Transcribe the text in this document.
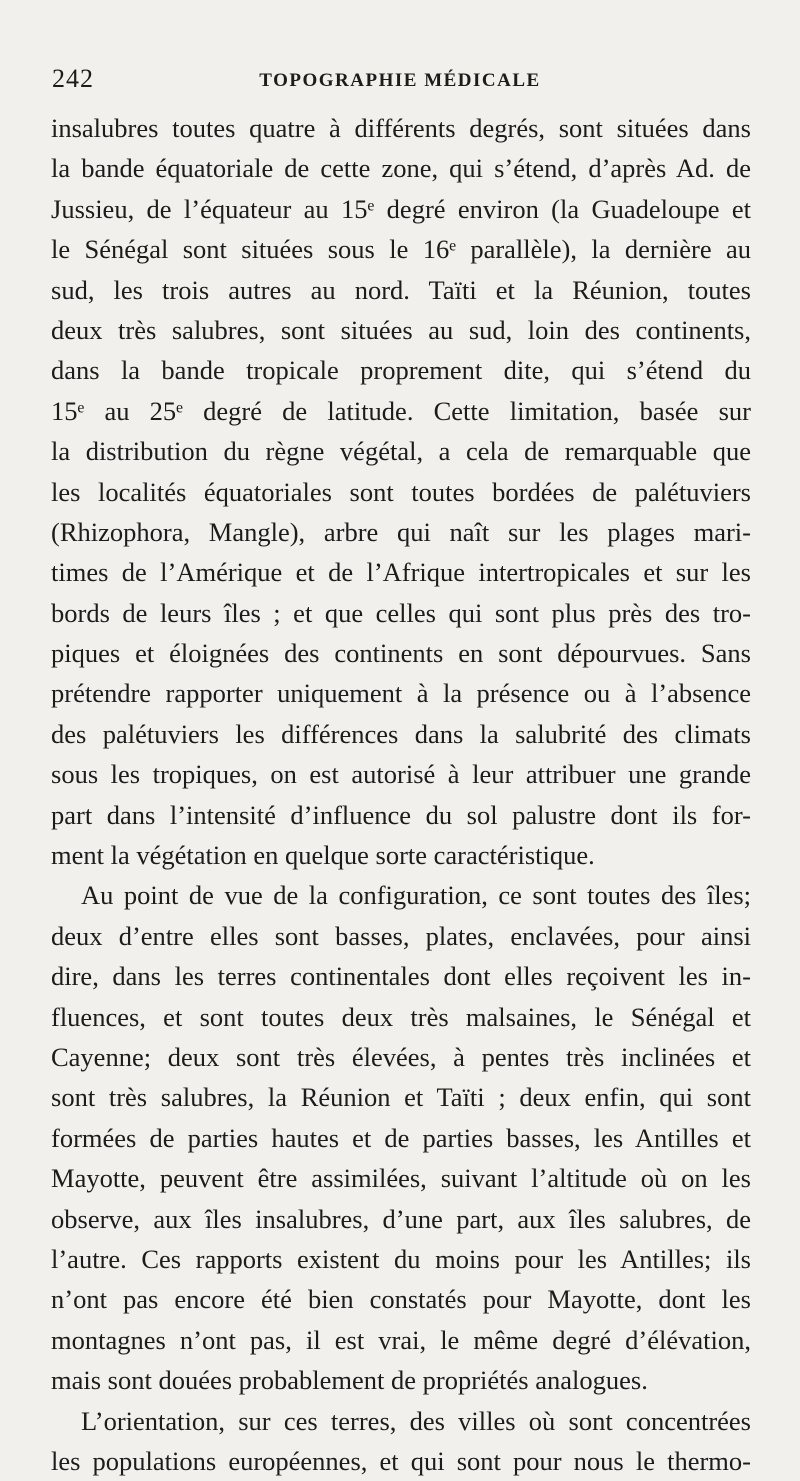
242	TOPOGRAPHIE MÉDICALE
insalubres toutes quatre à différents degrés, sont situées dans
la bande équatoriale de cette zone, qui s’étend, d’après Ad. de
Jussieu, de l’équateur au 15ᵉ degré environ (la Guadeloupe et
le Sénégal sont situées sous le 16ᵉ parallèle), la dernière au
sud, les trois autres au nord. Taïti et la Réunion, toutes
deux très salubres, sont situées au sud, loin des continents,
dans la bande tropicale proprement dite, qui s’étend du
15ᵉ au 25ᵉ degré de latitude. Cette limitation, basée sur
la distribution du règne végétal, a cela de remarquable que
les localités équatoriales sont toutes bordées de palétuviers
(Rhizophora, Mangle), arbre qui naît sur les plages mari-
times de l’Amérique et de l’Afrique intertropicales et sur les
bords de leurs îles ; et que celles qui sont plus près des tro-
piques et éloignées des continents en sont dépourvues. Sans
prétendre rapporter uniquement à la présence ou à l’absence
des palétuviers les différences dans la salubrité des climats
sous les tropiques, on est autorisé à leur attribuer une grande
part dans l’intensité d’influence du sol palustre dont ils for-
ment la végétation en quelque sorte caractéristique.
Au point de vue de la configuration, ce sont toutes des îles;
deux d’entre elles sont basses, plates, enclavées, pour ainsi
dire, dans les terres continentales dont elles reçoivent les in-
fluences, et sont toutes deux très malsaines, le Sénégal et
Cayenne; deux sont très élevées, à pentes très inclinées et
sont très salubres, la Réunion et Taïti ; deux enfin, qui sont
formées de parties hautes et de parties basses, les Antilles et
Mayotte, peuvent être assimilées, suivant l’altitude où on les
observe, aux îles insalubres, d’une part, aux îles salubres, de
l’autre. Ces rapports existent du moins pour les Antilles; ils
n’ont pas encore été bien constatés pour Mayotte, dont les
montagnes n’ont pas, il est vrai, le même degré d’élévation,
mais sont douées probablement de propriétés analogues.
L’orientation, sur ces terres, des villes où sont concentrées
les populations européennes, et qui sont pour nous le thermo-
